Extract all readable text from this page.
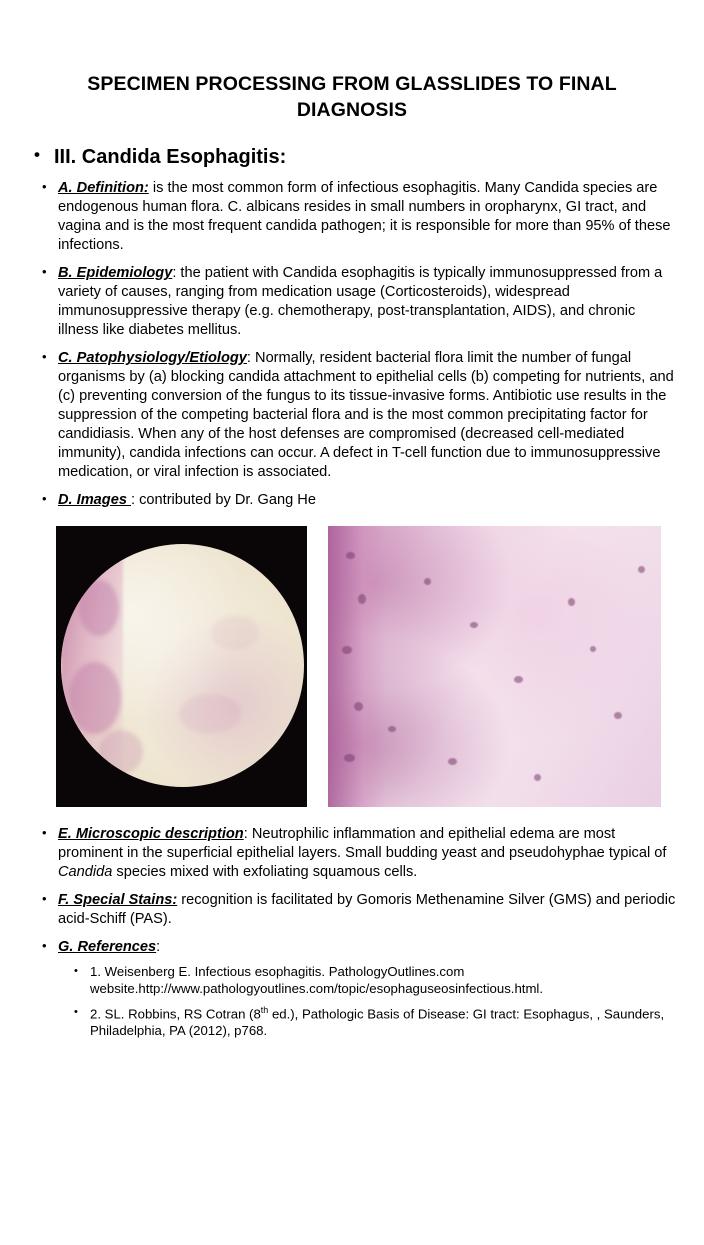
SPECIMEN PROCESSING FROM GLASSLIDES TO FINAL DIAGNOSIS
• III. Candida Esophagitis:
• A. Definition: is the most common form of infectious esophagitis. Many Candida species are endogenous human flora. C. albicans resides in small numbers in oropharynx, GI tract, and vagina and is the most frequent candida pathogen; it is responsible for more than 95% of these infections.
• B. Epidemiology: the patient with Candida esophagitis is typically immunosuppressed from a variety of causes, ranging from medication usage (Corticosteroids), widespread immunosuppressive therapy (e.g. chemotherapy, post-transplantation, AIDS), and chronic illness like diabetes mellitus.
• C. Patophysiology/Etiology: Normally, resident bacterial flora limit the number of fungal organisms by (a) blocking candida attachment to epithelial cells (b) competing for nutrients, and (c) preventing conversion of the fungus to its tissue-invasive forms. Antibiotic use results in the suppression of the competing bacterial flora and is the most common precipitating factor for candidiasis. When any of the host defenses are compromised (decreased cell-mediated immunity), candida infections can occur. A defect in T-cell function due to immunosuppressive medication, or viral infection is associated.
• D. Images : contributed by Dr. Gang He
• E. Microscopic description: Neutrophilic inflammation and epithelial edema are most prominent in the superficial epithelial layers. Small budding yeast and pseudohyphae typical of Candida species mixed with exfoliating squamous cells.
• F. Special Stains: recognition is facilitated by Gomoris Methenamine Silver (GMS) and periodic acid-Schiff (PAS).
• G. References:
• 1. Weisenberg E. Infectious esophagitis. PathologyOutlines.com website.http://www.pathologyoutlines.com/topic/esophaguseosinfectious.html.
• 2. SL. Robbins, RS Cotran (8th ed.), Pathologic Basis of Disease: GI tract: Esophagus, , Saunders, Philadelphia, PA (2012), p768.
